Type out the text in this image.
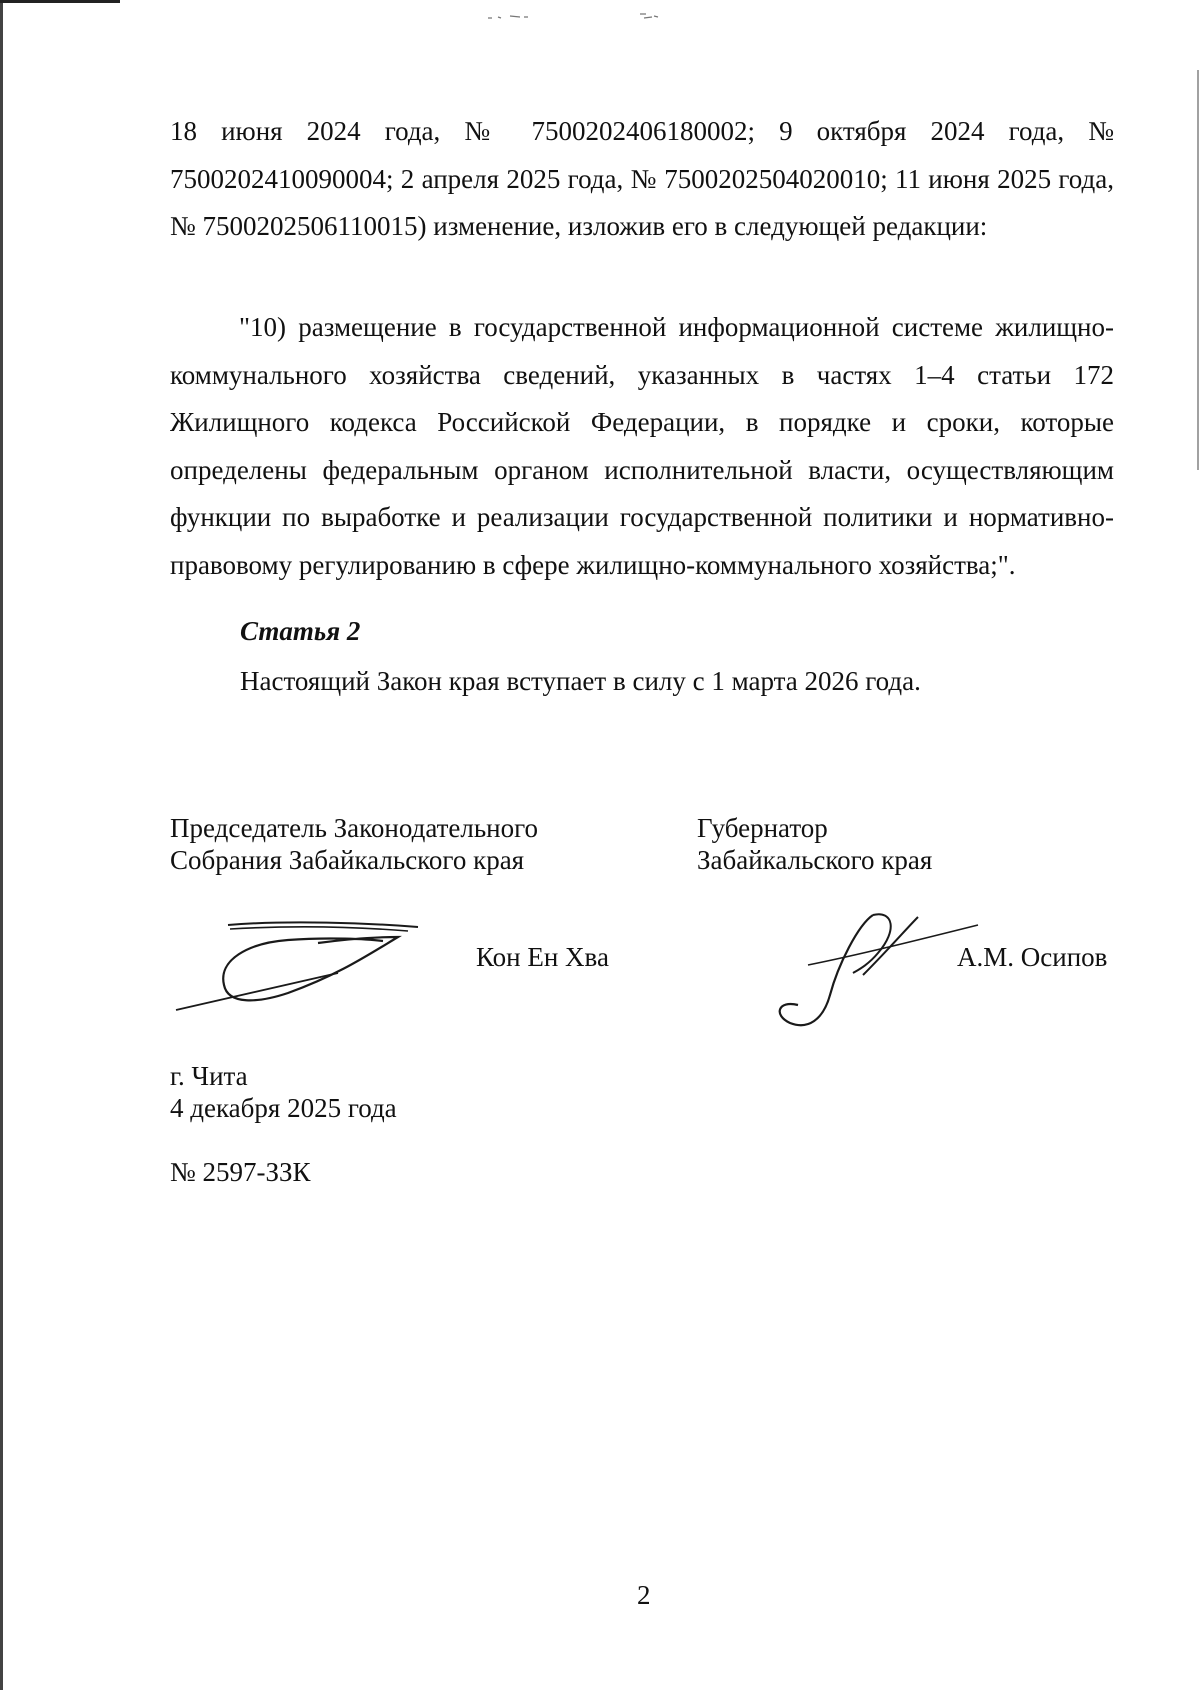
18 июня 2024 года, № 7500202406180002; 9 октября 2024 года, № 7500202410090004; 2 апреля 2025 года, № 7500202504020010; 11 июня 2025 года, № 7500202506110015) изменение, изложив его в следующей редакции:

"10) размещение в государственной информационной системе жилищно-коммунального хозяйства сведений, указанных в частях 1–4 статьи 172 Жилищного кодекса Российской Федерации, в порядке и сроки, которые определены федеральным органом исполнительной власти, осуществляющим функции по выработке и реализации государственной политики и нормативно-правовому регулированию в сфере жилищно-коммунального хозяйства;".

Статья 2

Настоящий Закон края вступает в силу с 1 марта 2026 года.

Председатель Законодательного
Собрания Забайкальского края
Губернатор
Забайкальского края

Кон Ен Хва	А.М. Осипов

г. Чита
4 декабря 2025 года

№ 2597-ЗЗК

2
